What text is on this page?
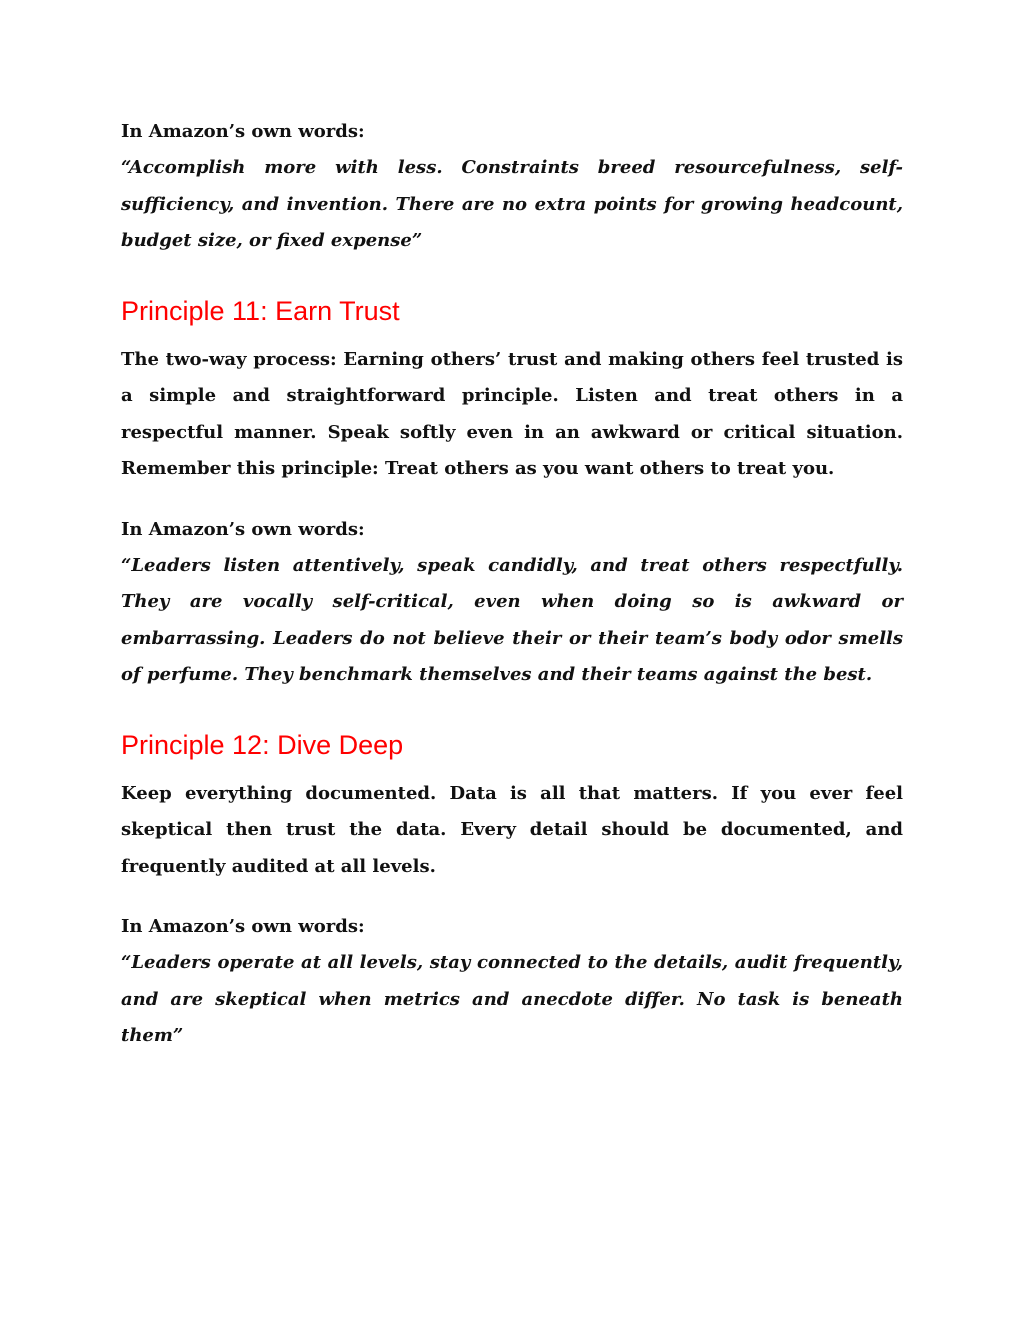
In Amazon’s own words:

“Accomplish more with less. Constraints breed resourcefulness, self-sufficiency, and invention. There are no extra points for growing headcount, budget size, or fixed expense”

Principle 11: Earn Trust

The two-way process: Earning others’ trust and making others feel trusted is a simple and straightforward principle. Listen and treat others in a respectful manner. Speak softly even in an awkward or critical situation. Remember this principle: Treat others as you want others to treat you.

In Amazon’s own words:

“Leaders listen attentively, speak candidly, and treat others respectfully. They are vocally self-critical, even when doing so is awkward or embarrassing. Leaders do not believe their or their team’s body odor smells of perfume. They benchmark themselves and their teams against the best.

Principle 12: Dive Deep

Keep everything documented. Data is all that matters. If you ever feel skeptical then trust the data. Every detail should be documented, and frequently audited at all levels.

In Amazon’s own words:

“Leaders operate at all levels, stay connected to the details, audit frequently, and are skeptical when metrics and anecdote differ. No task is beneath them”
